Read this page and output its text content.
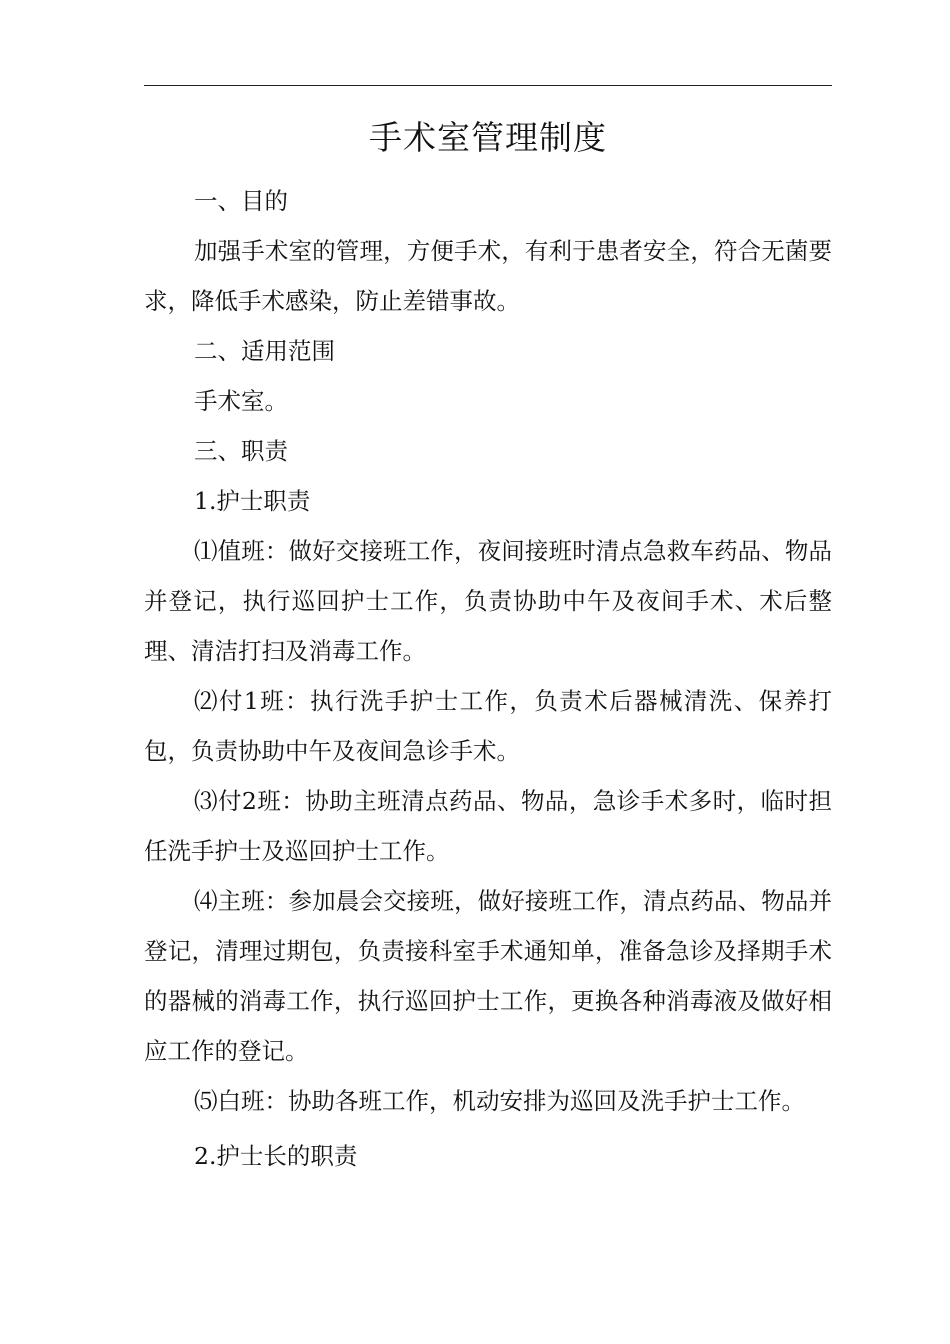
手术室管理制度

一、目的

加强手术室的管理，方便手术，有利于患者安全，符合无菌要求，降低手术感染，防止差错事故。

二、适用范围

手术室。

三、职责

1.护士职责

⑴值班：做好交接班工作，夜间接班时清点急救车药品、物品并登记，执行巡回护士工作，负责协助中午及夜间手术、术后整理、清洁打扫及消毒工作。

⑵付1班：执行洗手护士工作，负责术后器械清洗、保养打包，负责协助中午及夜间急诊手术。

⑶付2班：协助主班清点药品、物品，急诊手术多时，临时担任洗手护士及巡回护士工作。

⑷主班：参加晨会交接班，做好接班工作，清点药品、物品并登记，清理过期包，负责接科室手术通知单，准备急诊及择期手术的器械的消毒工作，执行巡回护士工作，更换各种消毒液及做好相应工作的登记。

⑸白班：协助各班工作，机动安排为巡回及洗手护士工作。

2.护士长的职责
